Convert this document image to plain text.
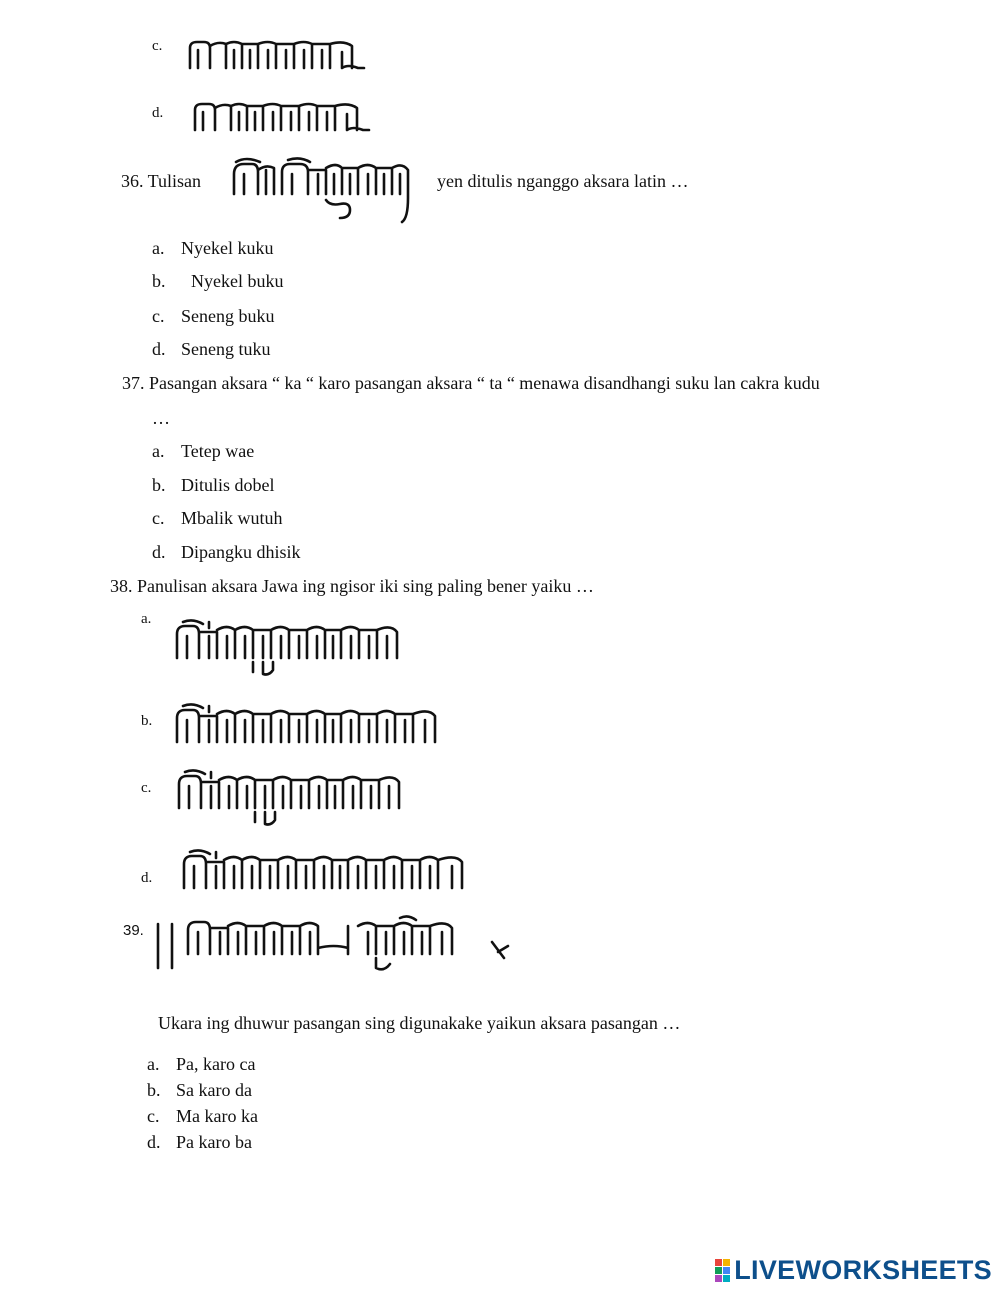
c.
d.
36. Tulisan	yen ditulis nganggo aksara latin …
a. Nyekel kuku
b. Nyekel buku
c. Seneng buku
d. Seneng tuku
37. Pasangan aksara “ ka “ karo pasangan aksara “ ta “ menawa disandhangi suku lan cakra kudu
…
a. Tetep wae
b. Ditulis dobel
c. Mbalik wutuh
d. Dipangku dhisik
38. Panulisan aksara Jawa ing ngisor iki sing paling bener yaiku …
a.
b.
c.
d.
39.
Ukara ing dhuwur pasangan sing digunakake yaikun aksara pasangan …
a. Pa, karo ca
b. Sa karo da
c. Ma karo ka
d. Pa karo ba
LIVEWORKSHEETS
